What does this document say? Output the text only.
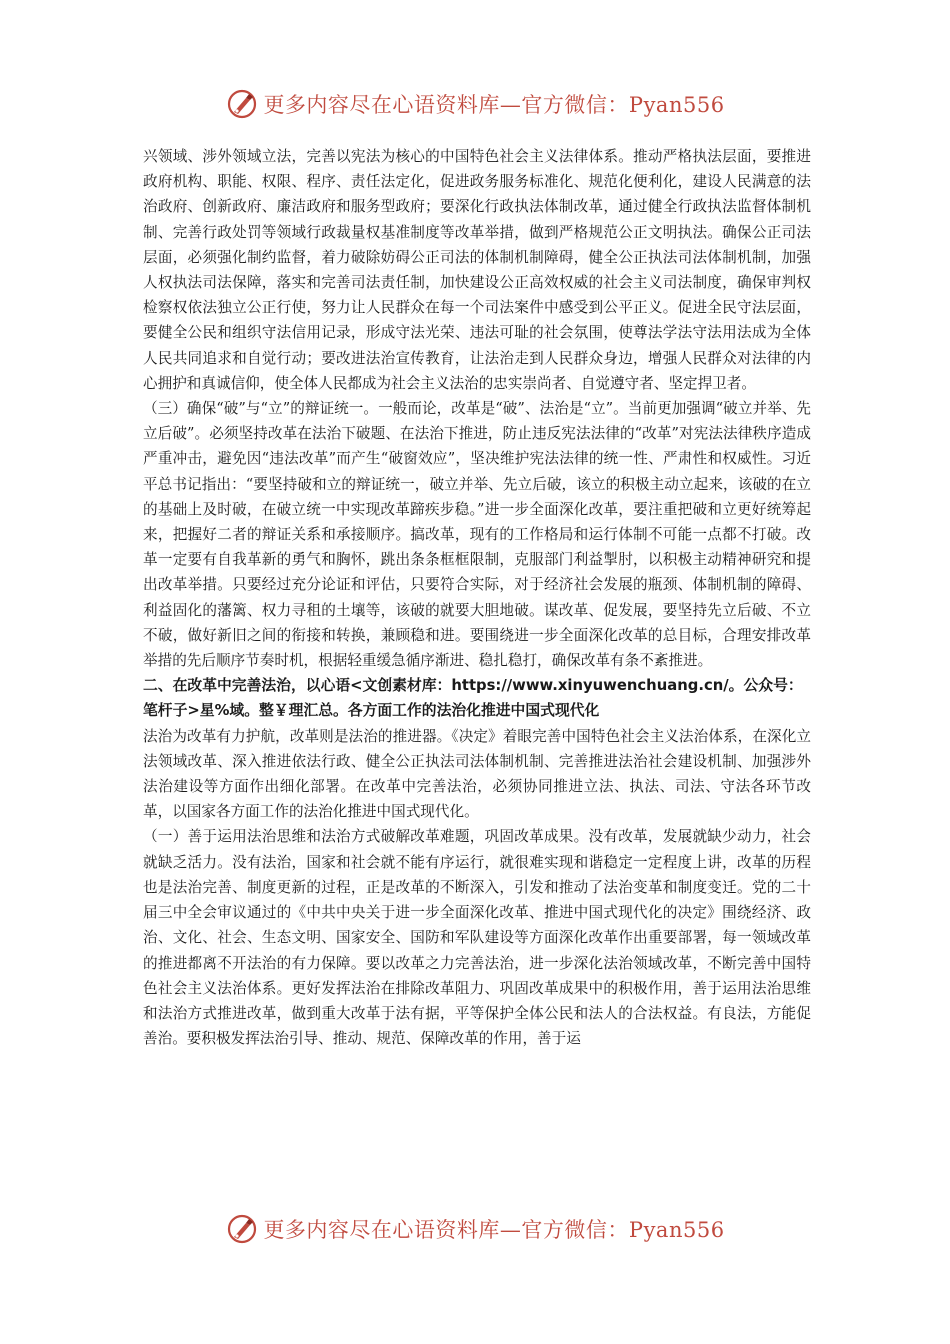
更多内容尽在心语资料库—官方微信：Pyan556

兴领域、涉外领域立法，完善以宪法为核心的中国特色社会主义法律体系。推动严格执法层面，要推进政府机构、职能、权限、程序、责任法定化，促进政务服务标准化、规范化便利化，建设人民满意的法治政府、创新政府、廉洁政府和服务型政府；要深化行政执法体制改革，通过健全行政执法监督体制机制、完善行政处罚等领域行政裁量权基准制度等改革举措，做到严格规范公正文明执法。确保公正司法层面，必须强化制约监督，着力破除妨碍公正司法的体制机制障碍，健全公正执法司法体制机制，加强人权执法司法保障，落实和完善司法责任制，加快建设公正高效权威的社会主义司法制度，确保审判权检察权依法独立公正行使，努力让人民群众在每一个司法案件中感受到公平正义。促进全民守法层面，要健全公民和组织守法信用记录，形成守法光荣、违法可耻的社会氛围，使尊法学法守法用法成为全体人民共同追求和自觉行动；要改进法治宣传教育，让法治走到人民群众身边，增强人民群众对法律的内心拥护和真诚信仰，使全体人民都成为社会主义法治的忠实崇尚者、自觉遵守者、坚定捍卫者。

（三）确保“破”与“立”的辩证统一。一般而论，改革是“破”、法治是“立”。当前更加强调“破立并举、先立后破”。必须坚持改革在法治下破题、在法治下推进，防止违反宪法法律的“改革”对宪法法律秩序造成严重冲击，避免因“违法改革”而产生“破窗效应”，坚决维护宪法法律的统一性、严肃性和权威性。习近平总书记指出：“要坚持破和立的辩证统一，破立并举、先立后破，该立的积极主动立起来，该破的在立的基础上及时破，在破立统一中实现改革蹄疾步稳。”进一步全面深化改革，要注重把破和立更好统筹起来，把握好二者的辩证关系和承接顺序。搞改革，现有的工作格局和运行体制不可能一点都不打破。改革一定要有自我革新的勇气和胸怀，跳出条条框框限制，克服部门利益掣肘，以积极主动精神研究和提出改革举措。只要经过充分论证和评估，只要符合实际，对于经济社会发展的瓶颈、体制机制的障碍、利益固化的藩篱、权力寻租的土壤等，该破的就要大胆地破。谋改革、促发展，要坚持先立后破、不立不破，做好新旧之间的衔接和转换，兼顾稳和进。要围绕进一步全面深化改革的总目标，合理安排改革举措的先后顺序节奏时机，根据轻重缓急循序渐进、稳扎稳打，确保改革有条不紊推进。

二、在改革中完善法治，以心语<文创素材库：https://www.xinyuwenchuang.cn/。公众号：笔杆子>星%域。整￥理汇总。各方面工作的法治化推进中国式现代化

法治为改革有力护航，改革则是法治的推进器。《决定》着眼完善中国特色社会主义法治体系，在深化立法领域改革、深入推进依法行政、健全公正执法司法体制机制、完善推进法治社会建设机制、加强涉外法治建设等方面作出细化部署。在改革中完善法治，必须协同推进立法、执法、司法、守法各环节改革，以国家各方面工作的法治化推进中国式现代化。

（一）善于运用法治思维和法治方式破解改革难题，巩固改革成果。没有改革，发展就缺少动力，社会就缺乏活力。没有法治，国家和社会就不能有序运行，就很难实现和谐稳定一定程度上讲，改革的历程也是法治完善、制度更新的过程，正是改革的不断深入，引发和推动了法治变革和制度变迁。党的二十届三中全会审议通过的《中共中央关于进一步全面深化改革、推进中国式现代化的决定》围绕经济、政治、文化、社会、生态文明、国家安全、国防和军队建设等方面深化改革作出重要部署，每一领域改革的推进都离不开法治的有力保障。要以改革之力完善法治，进一步深化法治领域改革，不断完善中国特色社会主义法治体系。更好发挥法治在排除改革阻力、巩固改革成果中的积极作用，善于运用法治思维和法治方式推进改革，做到重大改革于法有据，平等保护全体公民和法人的合法权益。有良法，方能促善治。要积极发挥法治引导、推动、规范、保障改革的作用，善于运

更多内容尽在心语资料库—官方微信：Pyan556
